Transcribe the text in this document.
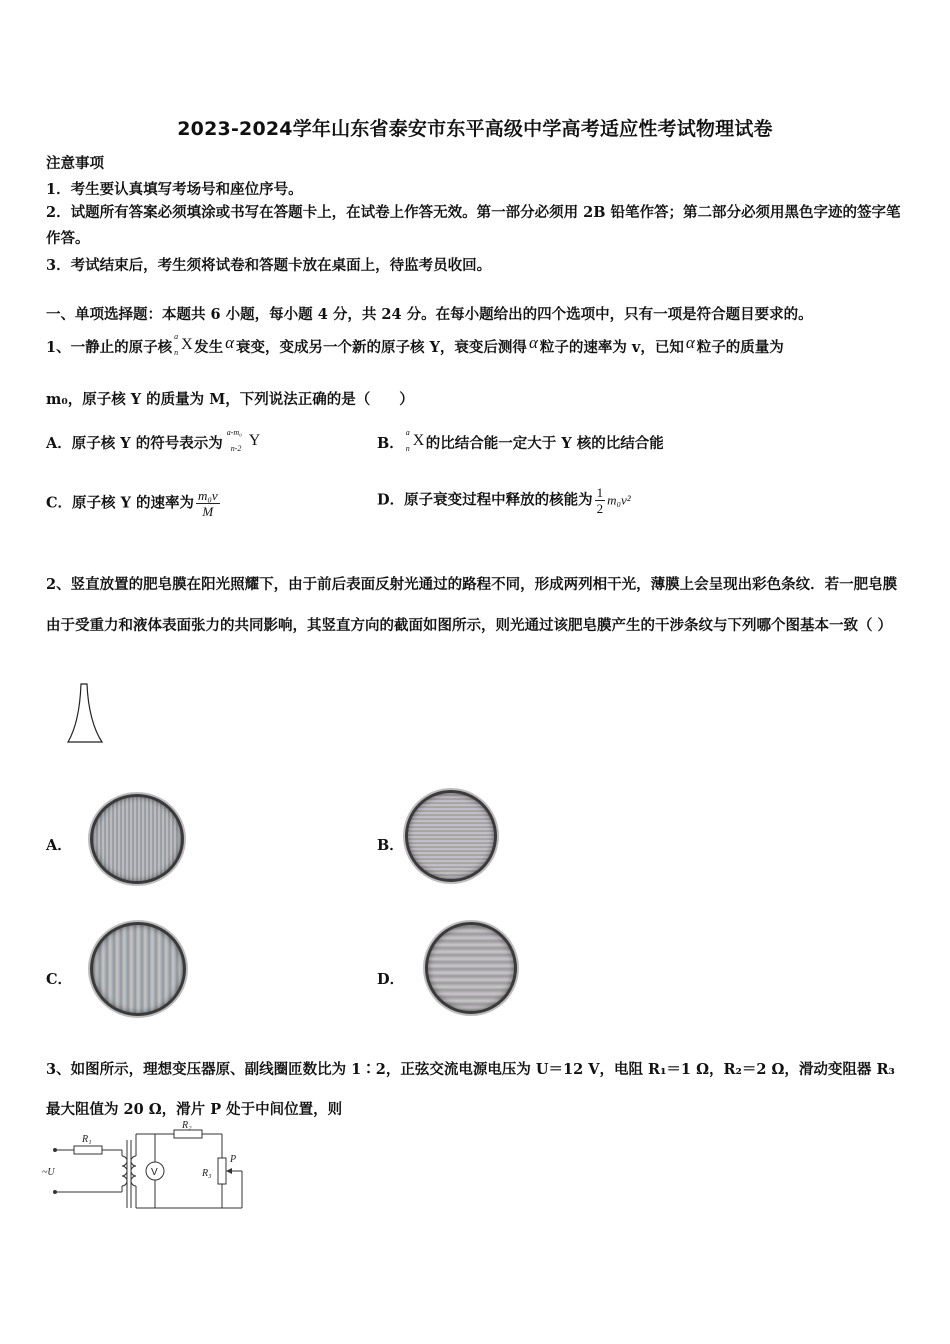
2023-2024学年山东省泰安市东平高级中学高考适应性考试物理试卷
注意事项
1．考生要认真填写考场号和座位序号。
2．试题所有答案必须填涂或书写在答题卡上，在试卷上作答无效。第一部分必须用 2B 铅笔作答；第二部分必须用黑色字迹的签字笔作答。
3．考试结束后，考生须将试卷和答题卡放在桌面上，待监考员收回。
一、单项选择题：本题共 6 小题，每小题 4 分，共 24 分。在每小题给出的四个选项中，只有一项是符合题目要求的。
1、一静止的原子核
a
n X 发生 α 衰变，变成另一个新的原子核 Y，衰变后测得 α 粒子的速率为 v，已知 α 粒子的质量为
m₀，原子核 Y 的质量为 M，下列说法正确的是（　　）
A．原子核 Y 的符号表示为
a-m₀
n-2 Y	B．
a
n X 的比结合能一定大于 Y 核的比结合能
C．原子核 Y 的速率为 $\frac{\text{m₀v}}{M}$	D．原子衰变过程中释放的核能为 $\frac{1}{2} m_0v^2$
2、竖直放置的肥皂膜在阳光照耀下，由于前后表面反射光通过的路程不同，形成两列相干光，薄膜上会呈现出彩色条纹．若一肥皂膜由于受重力和液体表面张力的共同影响，其竖直方向的截面如图所示，则光通过该肥皂膜产生的干涉条纹与下列哪个图基本一致（ ）
A．	B．
C．	D．
3、如图所示，理想变压器原、副线圈匝数比为 1∶2，正弦交流电源电压为 U＝12 V，电阻 R₁＝1 Ω，R₂＝2 Ω，滑动变阻器 R₃最大阻值为 20 Ω，滑片 P 处于中间位置，则
R₁
R₂
R₃
P
~U	V
